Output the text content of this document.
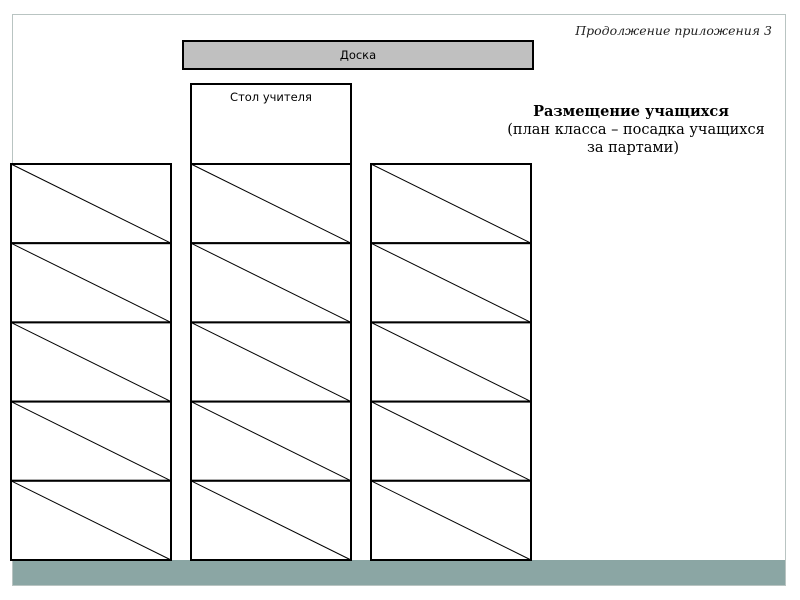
Продолжение приложения 3
Доска
Стол учителя
Размещение учащихся
(план класса – посадка учащихся
за партами)
